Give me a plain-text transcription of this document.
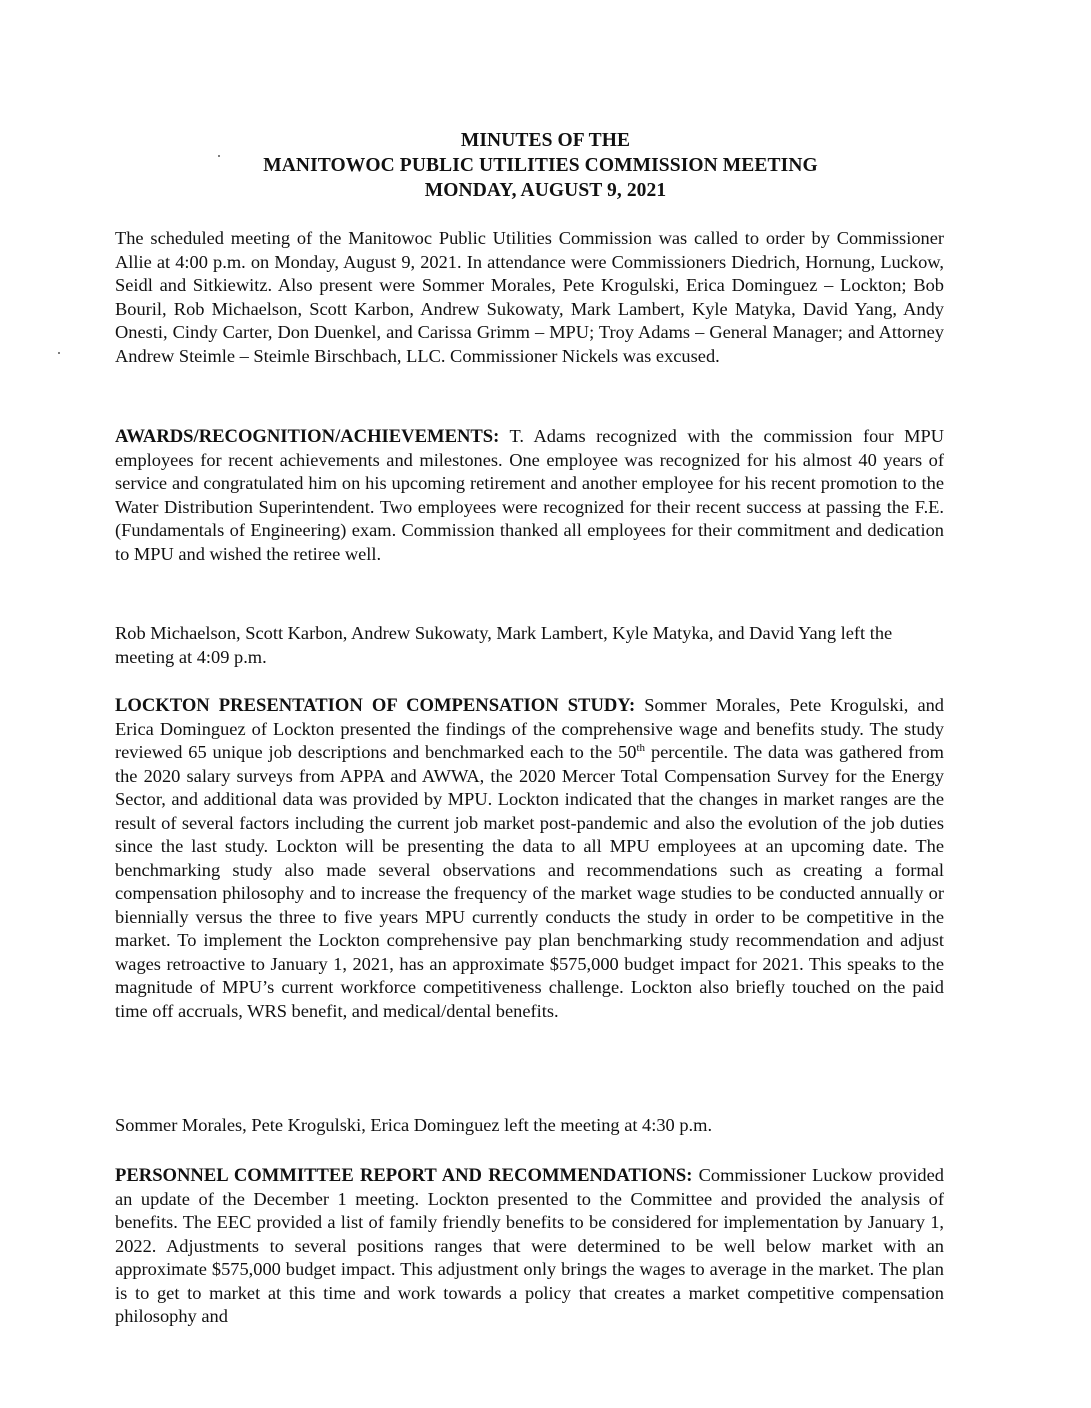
MINUTES OF THE
MANITOWOC PUBLIC UTILITIES COMMISSION MEETING
MONDAY, AUGUST 9, 2021

The scheduled meeting of the Manitowoc Public Utilities Commission was called to order by Commissioner Allie at 4:00 p.m. on Monday, August 9, 2021. In attendance were Commissioners Diedrich, Hornung, Luckow, Seidl and Sitkiewitz. Also present were Sommer Morales, Pete Krogulski, Erica Dominguez – Lockton; Bob Bouril, Rob Michaelson, Scott Karbon, Andrew Sukowaty, Mark Lambert, Kyle Matyka, David Yang, Andy Onesti, Cindy Carter, Don Duenkel, and Carissa Grimm – MPU; Troy Adams – General Manager; and Attorney Andrew Steimle – Steimle Birschbach, LLC. Commissioner Nickels was excused.

AWARDS/RECOGNITION/ACHIEVEMENTS: T. Adams recognized with the commission four MPU employees for recent achievements and milestones. One employee was recognized for his almost 40 years of service and congratulated him on his upcoming retirement and another employee for his recent promotion to the Water Distribution Superintendent. Two employees were recognized for their recent success at passing the F.E. (Fundamentals of Engineering) exam. Commission thanked all employees for their commitment and dedication to MPU and wished the retiree well.

Rob Michaelson, Scott Karbon, Andrew Sukowaty, Mark Lambert, Kyle Matyka, and David Yang left the meeting at 4:09 p.m.

LOCKTON PRESENTATION OF COMPENSATION STUDY: Sommer Morales, Pete Krogulski, and Erica Dominguez of Lockton presented the findings of the comprehensive wage and benefits study. The study reviewed 65 unique job descriptions and benchmarked each to the 50th percentile. The data was gathered from the 2020 salary surveys from APPA and AWWA, the 2020 Mercer Total Compensation Survey for the Energy Sector, and additional data was provided by MPU. Lockton indicated that the changes in market ranges are the result of several factors including the current job market post-pandemic and also the evolution of the job duties since the last study. Lockton will be presenting the data to all MPU employees at an upcoming date. The benchmarking study also made several observations and recommendations such as creating a formal compensation philosophy and to increase the frequency of the market wage studies to be conducted annually or biennially versus the three to five years MPU currently conducts the study in order to be competitive in the market. To implement the Lockton comprehensive pay plan benchmarking study recommendation and adjust wages retroactive to January 1, 2021, has an approximate $575,000 budget impact for 2021. This speaks to the magnitude of MPU’s current workforce competitiveness challenge. Lockton also briefly touched on the paid time off accruals, WRS benefit, and medical/dental benefits.

Sommer Morales, Pete Krogulski, Erica Dominguez left the meeting at 4:30 p.m.

PERSONNEL COMMITTEE REPORT AND RECOMMENDATIONS: Commissioner Luckow provided an update of the December 1 meeting. Lockton presented to the Committee and provided the analysis of benefits. The EEC provided a list of family friendly benefits to be considered for implementation by January 1, 2022. Adjustments to several positions ranges that were determined to be well below market with an approximate $575,000 budget impact. This adjustment only brings the wages to average in the market. The plan is to get to market at this time and work towards a policy that creates a market competitive compensation philosophy and
